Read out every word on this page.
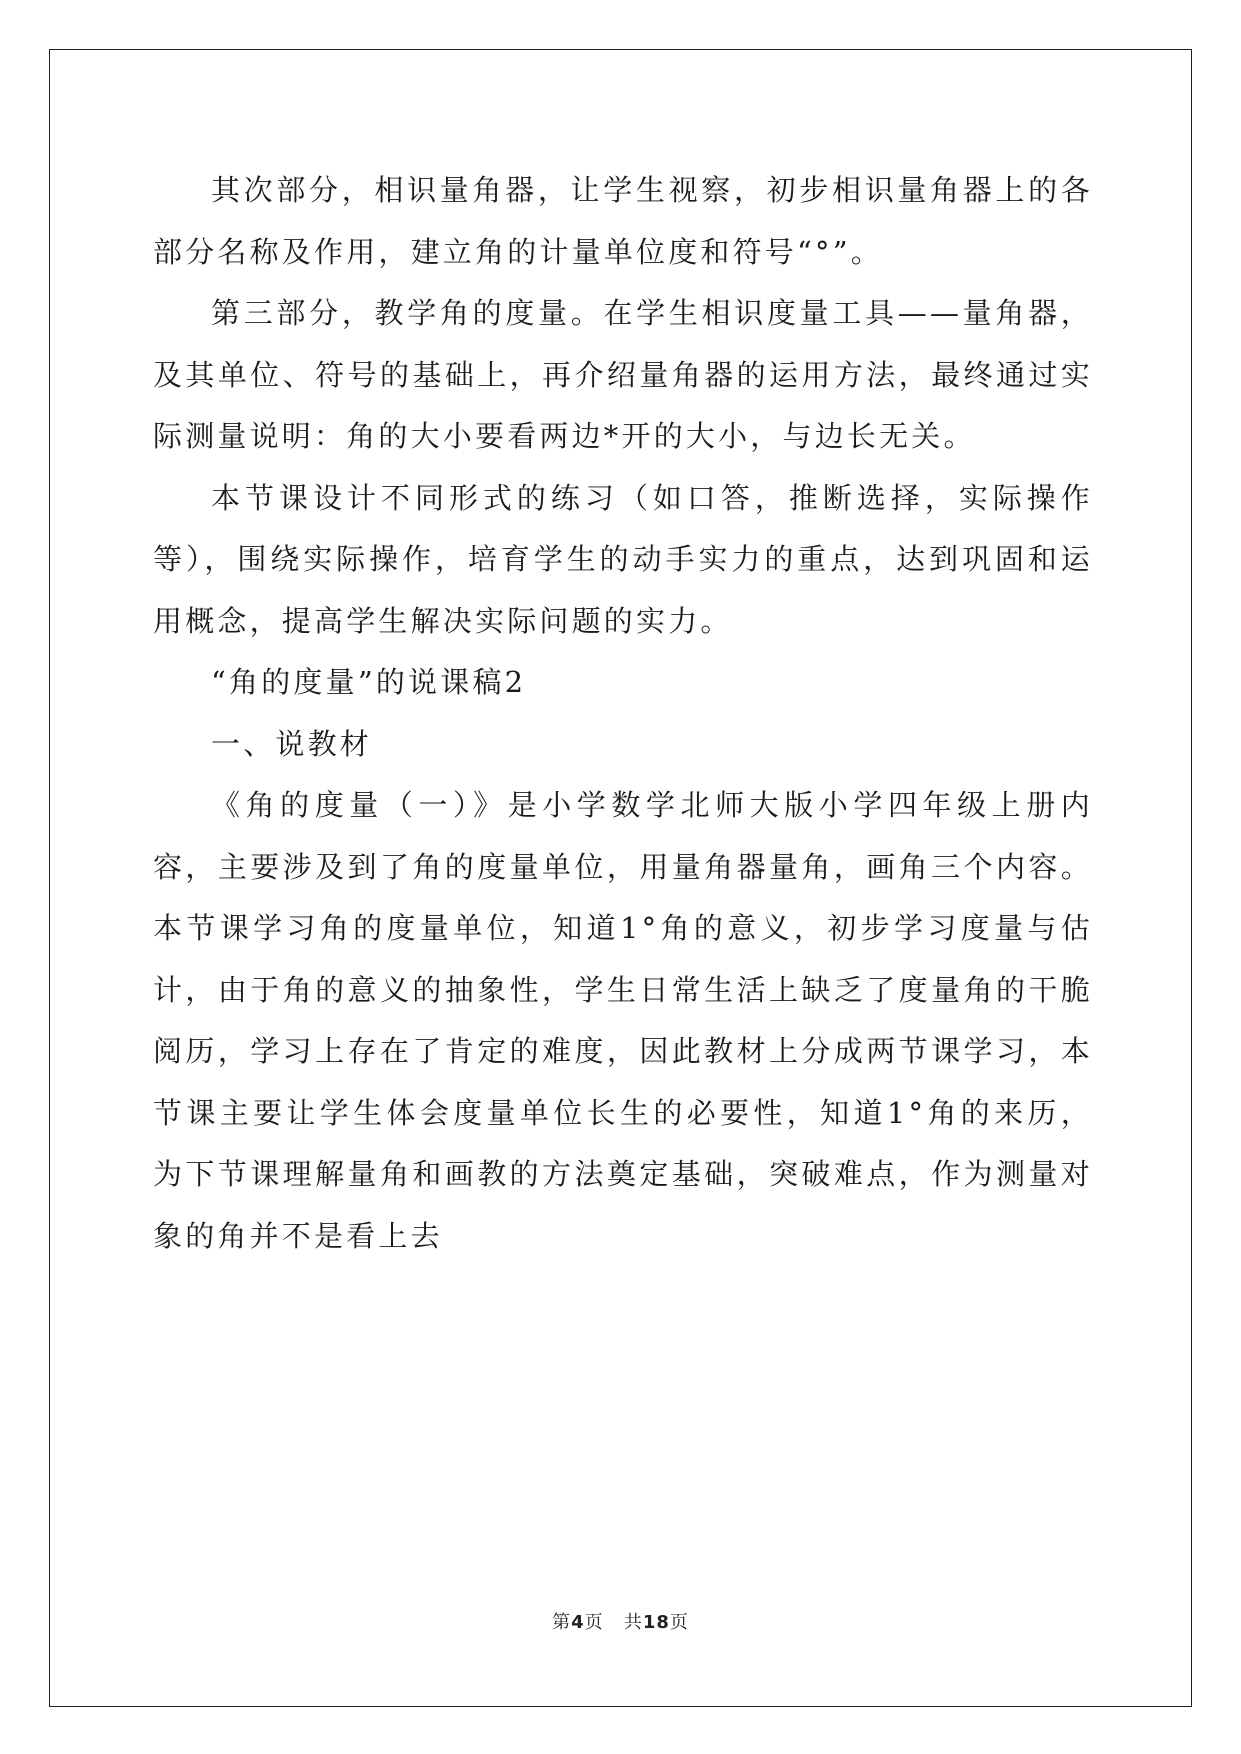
其次部分，相识量角器，让学生视察，初步相识量角器上的各部分名称及作用，建立角的计量单位度和符号“°”。

第三部分，教学角的度量。在学生相识度量工具——量角器，及其单位、符号的基础上，再介绍量角器的运用方法，最终通过实际测量说明：角的大小要看两边*开的大小，与边长无关。

本节课设计不同形式的练习（如口答，推断选择，实际操作等），围绕实际操作，培育学生的动手实力的重点，达到巩固和运用概念，提高学生解决实际问题的实力。

“角的度量”的说课稿2

一、说教材

《角的度量（一）》是小学数学北师大版小学四年级上册内容，主要涉及到了角的度量单位，用量角器量角，画角三个内容。本节课学习角的度量单位，知道1°角的意义，初步学习度量与估计，由于角的意义的抽象性，学生日常生活上缺乏了度量角的干脆阅历，学习上存在了肯定的难度，因此教材上分成两节课学习，本节课主要让学生体会度量单位长生的必要性，知道1°角的来历，为下节课理解量角和画教的方法奠定基础，突破难点，作为测量对象的角并不是看上去

第4页 共18页
